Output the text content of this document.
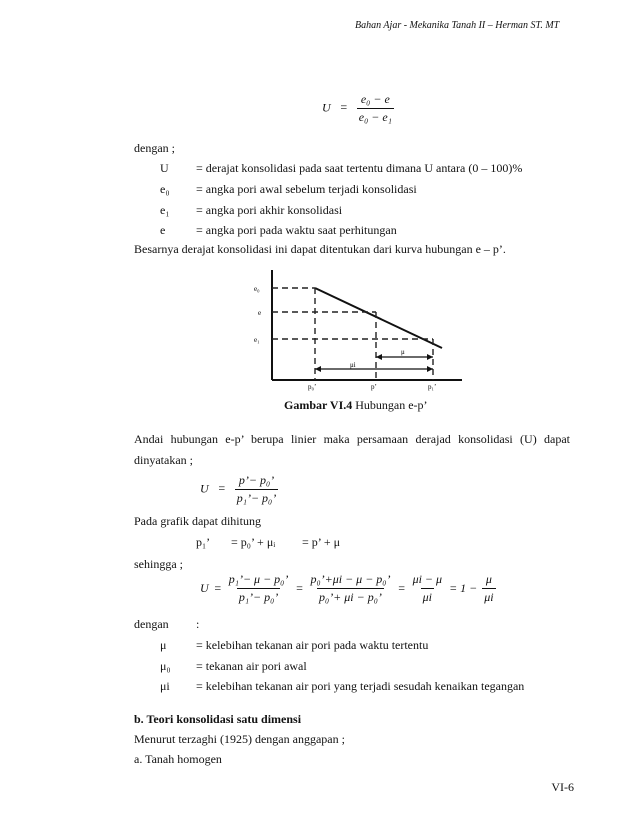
Bahan Ajar - Mekanika Tanah II – Herman ST. MT
$U = \frac{\text{e₀ − e}}{\text{e₀ − e₁}}$
dengan ;
U = derajat konsolidasi pada saat tertentu dimana U antara (0 – 100)%
e₀ = angka pori awal sebelum terjadi konsolidasi
e₁ = angka pori akhir konsolidasi
e	= angka pori pada waktu saat perhitungan
Besarnya derajat konsolidasi ini dapat ditentukan dari kurva hubungan e – p’.
e₀
e
e₁
μ
μi
p₀’	p’	p₁’
Gambar VI.4 Hubungan e-p’
Andai hubungan e-p’ berupa linier maka persamaan derajad konsolidasi (U) dapat
dinyatakan ;
$U = \frac{\text{p’− p₀’}}{\text{p₁’− p₀’}}$
Pada grafik dapat dihitung
p₁’ = p₀’ + μᵢ = p’ + μ
sehingga ;
$U = \frac{\text{p₁’− μ − p₀’}}{\text{p₁’− p₀’}} = \frac{\text{p₀’+μi − μ − p₀’}}{\text{p₀’+ μi − p₀’}} = \frac{\mu i - \mu}{\mu i} = 1 - \frac{\mu}{\mu i}$
dengan :
μ = kelebihan tekanan air pori pada waktu tertentu
μ₀ = tekanan air pori awal
μi = kelebihan tekanan air pori yang terjadi sesudah kenaikan tegangan
b. Teori konsolidasi satu dimensi
Menurut terzaghi (1925) dengan anggapan ;
a. Tanah homogen
VI-6
